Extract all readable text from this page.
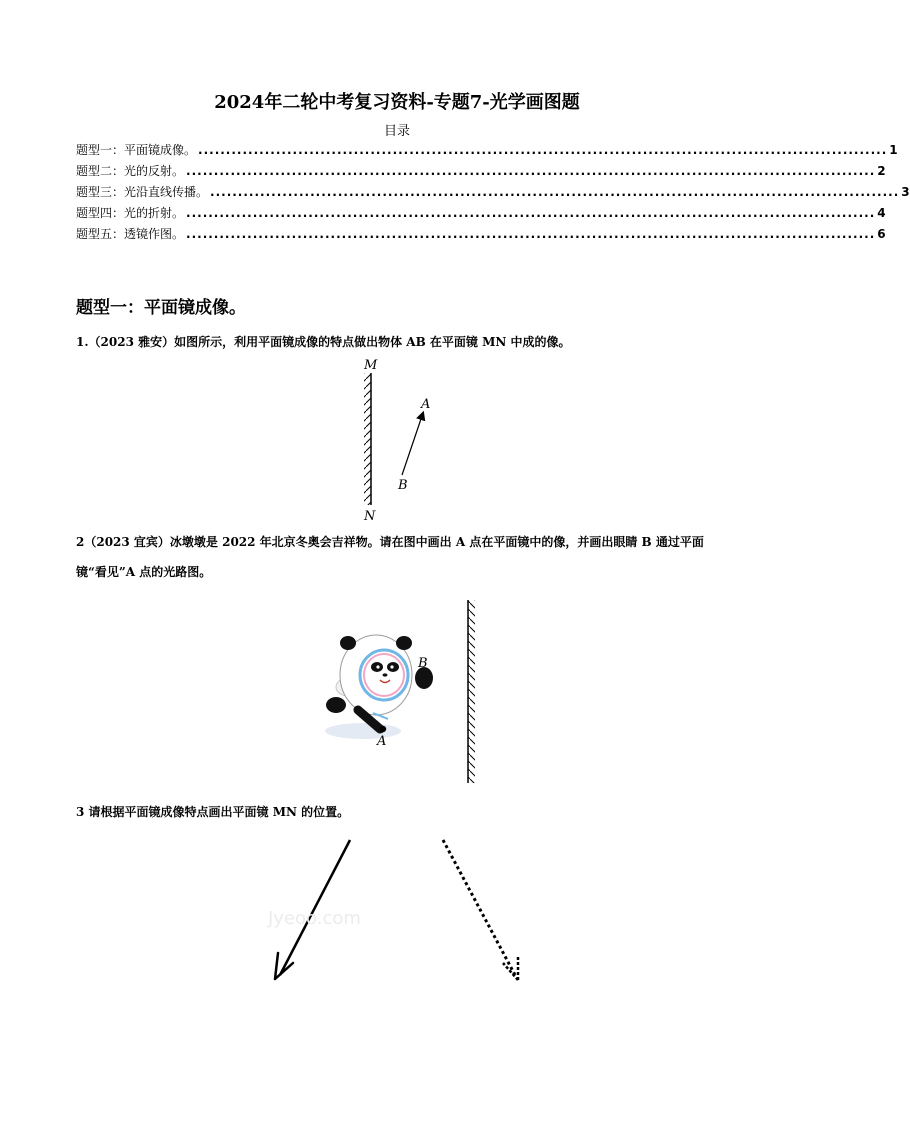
2024年二轮中考复习资料-专题7-光学画图题
目录
题型一：平面镜成像。 ............................................................................................................................ 1
题型二：光的反射。 ............................................................................................................................ 2
题型三：光沿直线传播。 ............................................................................................................................ 3
题型四：光的折射。 ............................................................................................................................ 4
题型五：透镜作图。 ............................................................................................................................ 6
题型一：平面镜成像。
1.（2023 雅安）如图所示，利用平面镜成像的特点做出物体 AB 在平面镜 MN 中成的像。
M
N
A
B
2（2023 宜宾）冰墩墩是 2022 年北京冬奥会吉祥物。请在图中画出 A 点在平面镜中的像，并画出眼睛 B 通过平面镜“看见”A 点的光路图。
A
B
3 请根据平面镜成像特点画出平面镜 MN 的位置。
Jyeoo.com
